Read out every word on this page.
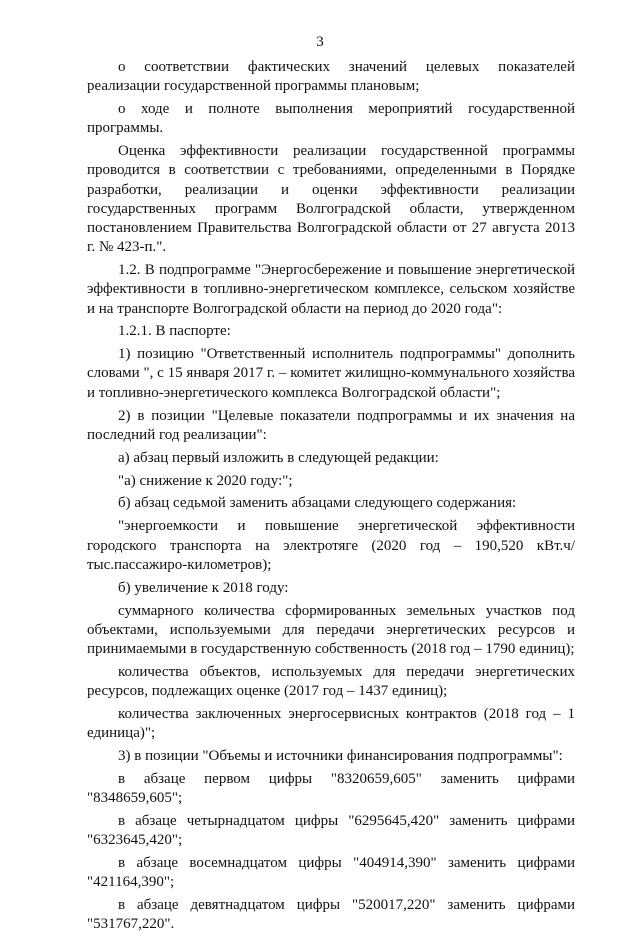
3

о соответствии фактических значений целевых показателей реализации государственной программы плановым;

о ходе и полноте выполнения мероприятий государственной программы.

Оценка эффективности реализации государственной программы проводится в соответствии с требованиями, определенными в Порядке разработки, реализации и оценки эффективности реализации государственных программ Волгоградской области, утвержденном постановлением Правительства Волгоградской области от 27 августа 2013 г. № 423-п.".

1.2. В подпрограмме "Энергосбережение и повышение энергетической эффективности в топливно-энергетическом комплексе, сельском хозяйстве и на транспорте Волгоградской области на период до 2020 года":

1.2.1. В паспорте:

1) позицию "Ответственный исполнитель подпрограммы" дополнить словами ", с 15 января 2017 г. – комитет жилищно-коммунального хозяйства и топливно-энергетического комплекса Волгоградской области";

2) в позиции "Целевые показатели подпрограммы и их значения на последний год реализации":

а) абзац первый изложить в следующей редакции:

"а) снижение к 2020 году:";

б) абзац седьмой заменить абзацами следующего содержания:

"энергоемкости и повышение энергетической эффективности городского транспорта на электротяге (2020 год – 190,520 кВт.ч/тыс.пассажиро-километров);

б) увеличение к 2018 году:

суммарного количества сформированных земельных участков под объектами, используемыми для передачи энергетических ресурсов и принимаемыми в государственную собственность (2018 год – 1790 единиц);

количества объектов, используемых для передачи энергетических ресурсов, подлежащих оценке (2017 год – 1437 единиц);

количества заключенных энергосервисных контрактов (2018 год – 1 единица)";

3) в позиции "Объемы и источники финансирования подпрограммы":

в абзаце первом цифры "8320659,605" заменить цифрами "8348659,605";

в абзаце четырнадцатом цифры "6295645,420" заменить цифрами "6323645,420";

в абзаце восемнадцатом цифры "404914,390" заменить цифрами "421164,390";

в абзаце девятнадцатом цифры "520017,220" заменить цифрами "531767,220".
